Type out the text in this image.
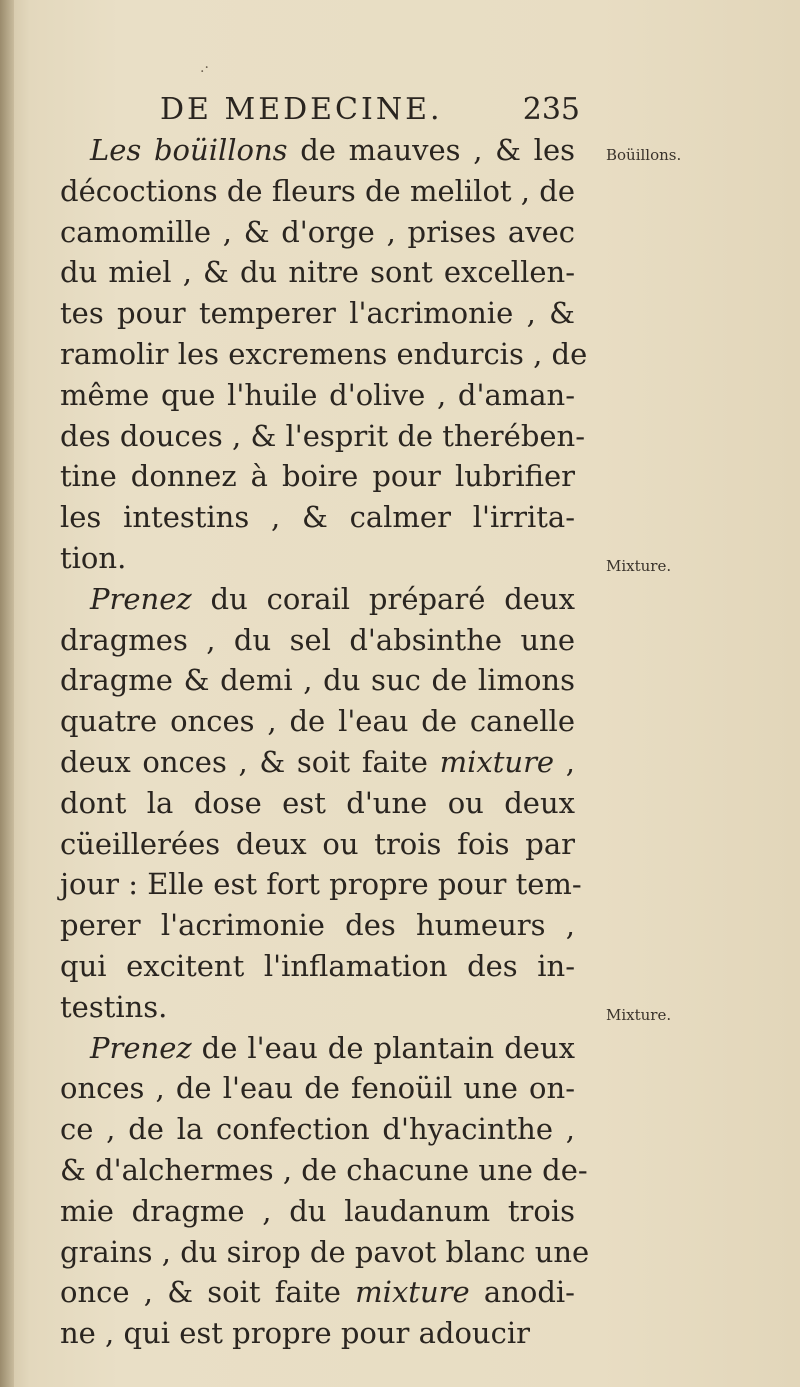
.·
DE MEDECINE.	235
Les boüillons de mauves , & les
décoctions de fleurs de melilot , de
camomille , & d'orge , prises avec
du miel , & du nitre sont excellen-
tes pour temperer l'acrimonie , &
ramolir les excremens endurcis , de
même que l'huile d'olive , d'aman-
des douces , & l'esprit de therében-
tine donnez à boire pour lubrifier
les intestins , & calmer l'irrita-
tion.
Prenez du corail préparé deux
dragmes , du sel d'absinthe une
dragme & demi , du suc de limons
quatre onces , de l'eau de canelle
deux onces , & soit faite mixture ,
dont la dose est d'une ou deux
cüeillerées deux ou trois fois par
jour : Elle est fort propre pour tem-
perer l'acrimonie des humeurs ,
qui excitent l'inflamation des in-
testins.
Prenez de l'eau de plantain deux
onces , de l'eau de fenoüil une on-
ce , de la confection d'hyacinthe ,
& d'alchermes , de chacune une de-
mie dragme , du laudanum trois
grains , du sirop de pavot blanc une
once , & soit faite mixture anodi-
ne , qui est propre pour adoucir
Boüillons.
Mixture.
Mixture.
